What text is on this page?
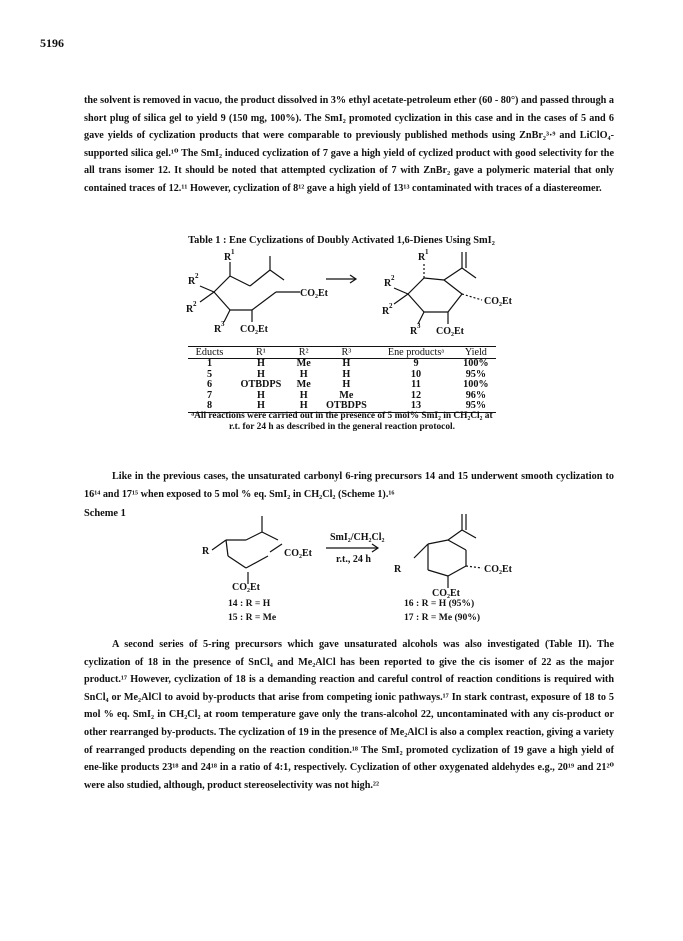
5196

the solvent is removed in vacuo, the product dissolved in 3% ethyl acetate-petroleum ether (60 - 80°) and passed through a short plug of silica gel to yield 9 (150 mg, 100%). The SmI₂ promoted cyclization in this case and in the cases of 5 and 6 gave yields of cyclization products that were comparable to previously published methods using ZnBr₂³·⁹ and LiClO₄- supported silica gel.¹⁰ The SmI₂ induced cyclization of 7 gave a high yield of cyclized product with good selectivity for the all trans isomer 12. It should be noted that attempted cyclization of 7 with ZnBr₂ gave a polymeric material that only contained traces of 12.¹¹ However, cyclization of 8¹² gave a high yield of 13¹³ contaminated with traces of a diastereomer.

Table 1 : Ene Cyclizations of Doubly Activated 1,6-Dienes Using SmI₂
R 1
R 2
R 2
R 3
CO₂Et
CO₂Et
R 1
R 2
R 2
R 3
CO₂Et
CO₂Et
Educts	R¹	R²	R³	Ene productsᵃ	Yield
1	H	Me	H	9	100%
5	H	H	H	10	95%
6	OTBDPS	Me	H	11	100%
7	H	H	Me	12	96%
8	H	H	OTBDPS	13	95%
ᵃAll reactions were carried out in the presence of 5 mol% SmI₂ in CH₂Cl₂ at r.t. for 24 h as described in the general reaction protocol.

Like in the previous cases, the unsaturated carbonyl 6-ring precursors 14 and 15 underwent smooth cyclization to 16¹⁴ and 17¹⁵ when exposed to 5 mol % eq. SmI₂ in CH₂Cl₂ (Scheme 1).¹⁶

Scheme 1
R	CO₂Et
CO₂Et
SmI₂/CH₂Cl₂
r.t., 24 h
R	CO₂Et
CO₂Et
14 : R = H
15 : R = Me
16 : R = H (95%)
17 : R = Me (90%)

A second series of 5-ring precursors which gave unsaturated alcohols was also investigated (Table II). The cyclization of 18 in the presence of SnCl₄ and Me₂AlCl has been reported to give the cis isomer of 22 as the major product.¹⁷ However, cyclization of 18 is a demanding reaction and careful control of reaction conditions is required with SnCl₄ or Me₂AlCl to avoid by-products that arise from competing ionic pathways.¹⁷ In stark contrast, exposure of 18 to 5 mol % eq. SmI₂ in CH₂Cl₂ at room temperature gave only the trans-alcohol 22, uncontaminated with any cis-product or other rearranged by-products. The cyclization of 19 in the presence of Me₂AlCl is also a complex reaction, giving a variety of rearranged products depending on the reaction condition.¹⁸ The SmI₂ promoted cyclization of 19 gave a high yield of ene-like products 23¹⁸ and 24¹⁸ in a ratio of 4:1, respectively. Cyclization of other oxygenated aldehydes e.g., 20¹⁹ and 21²⁰ were also studied, although, product stereoselectivity was not high.²²
